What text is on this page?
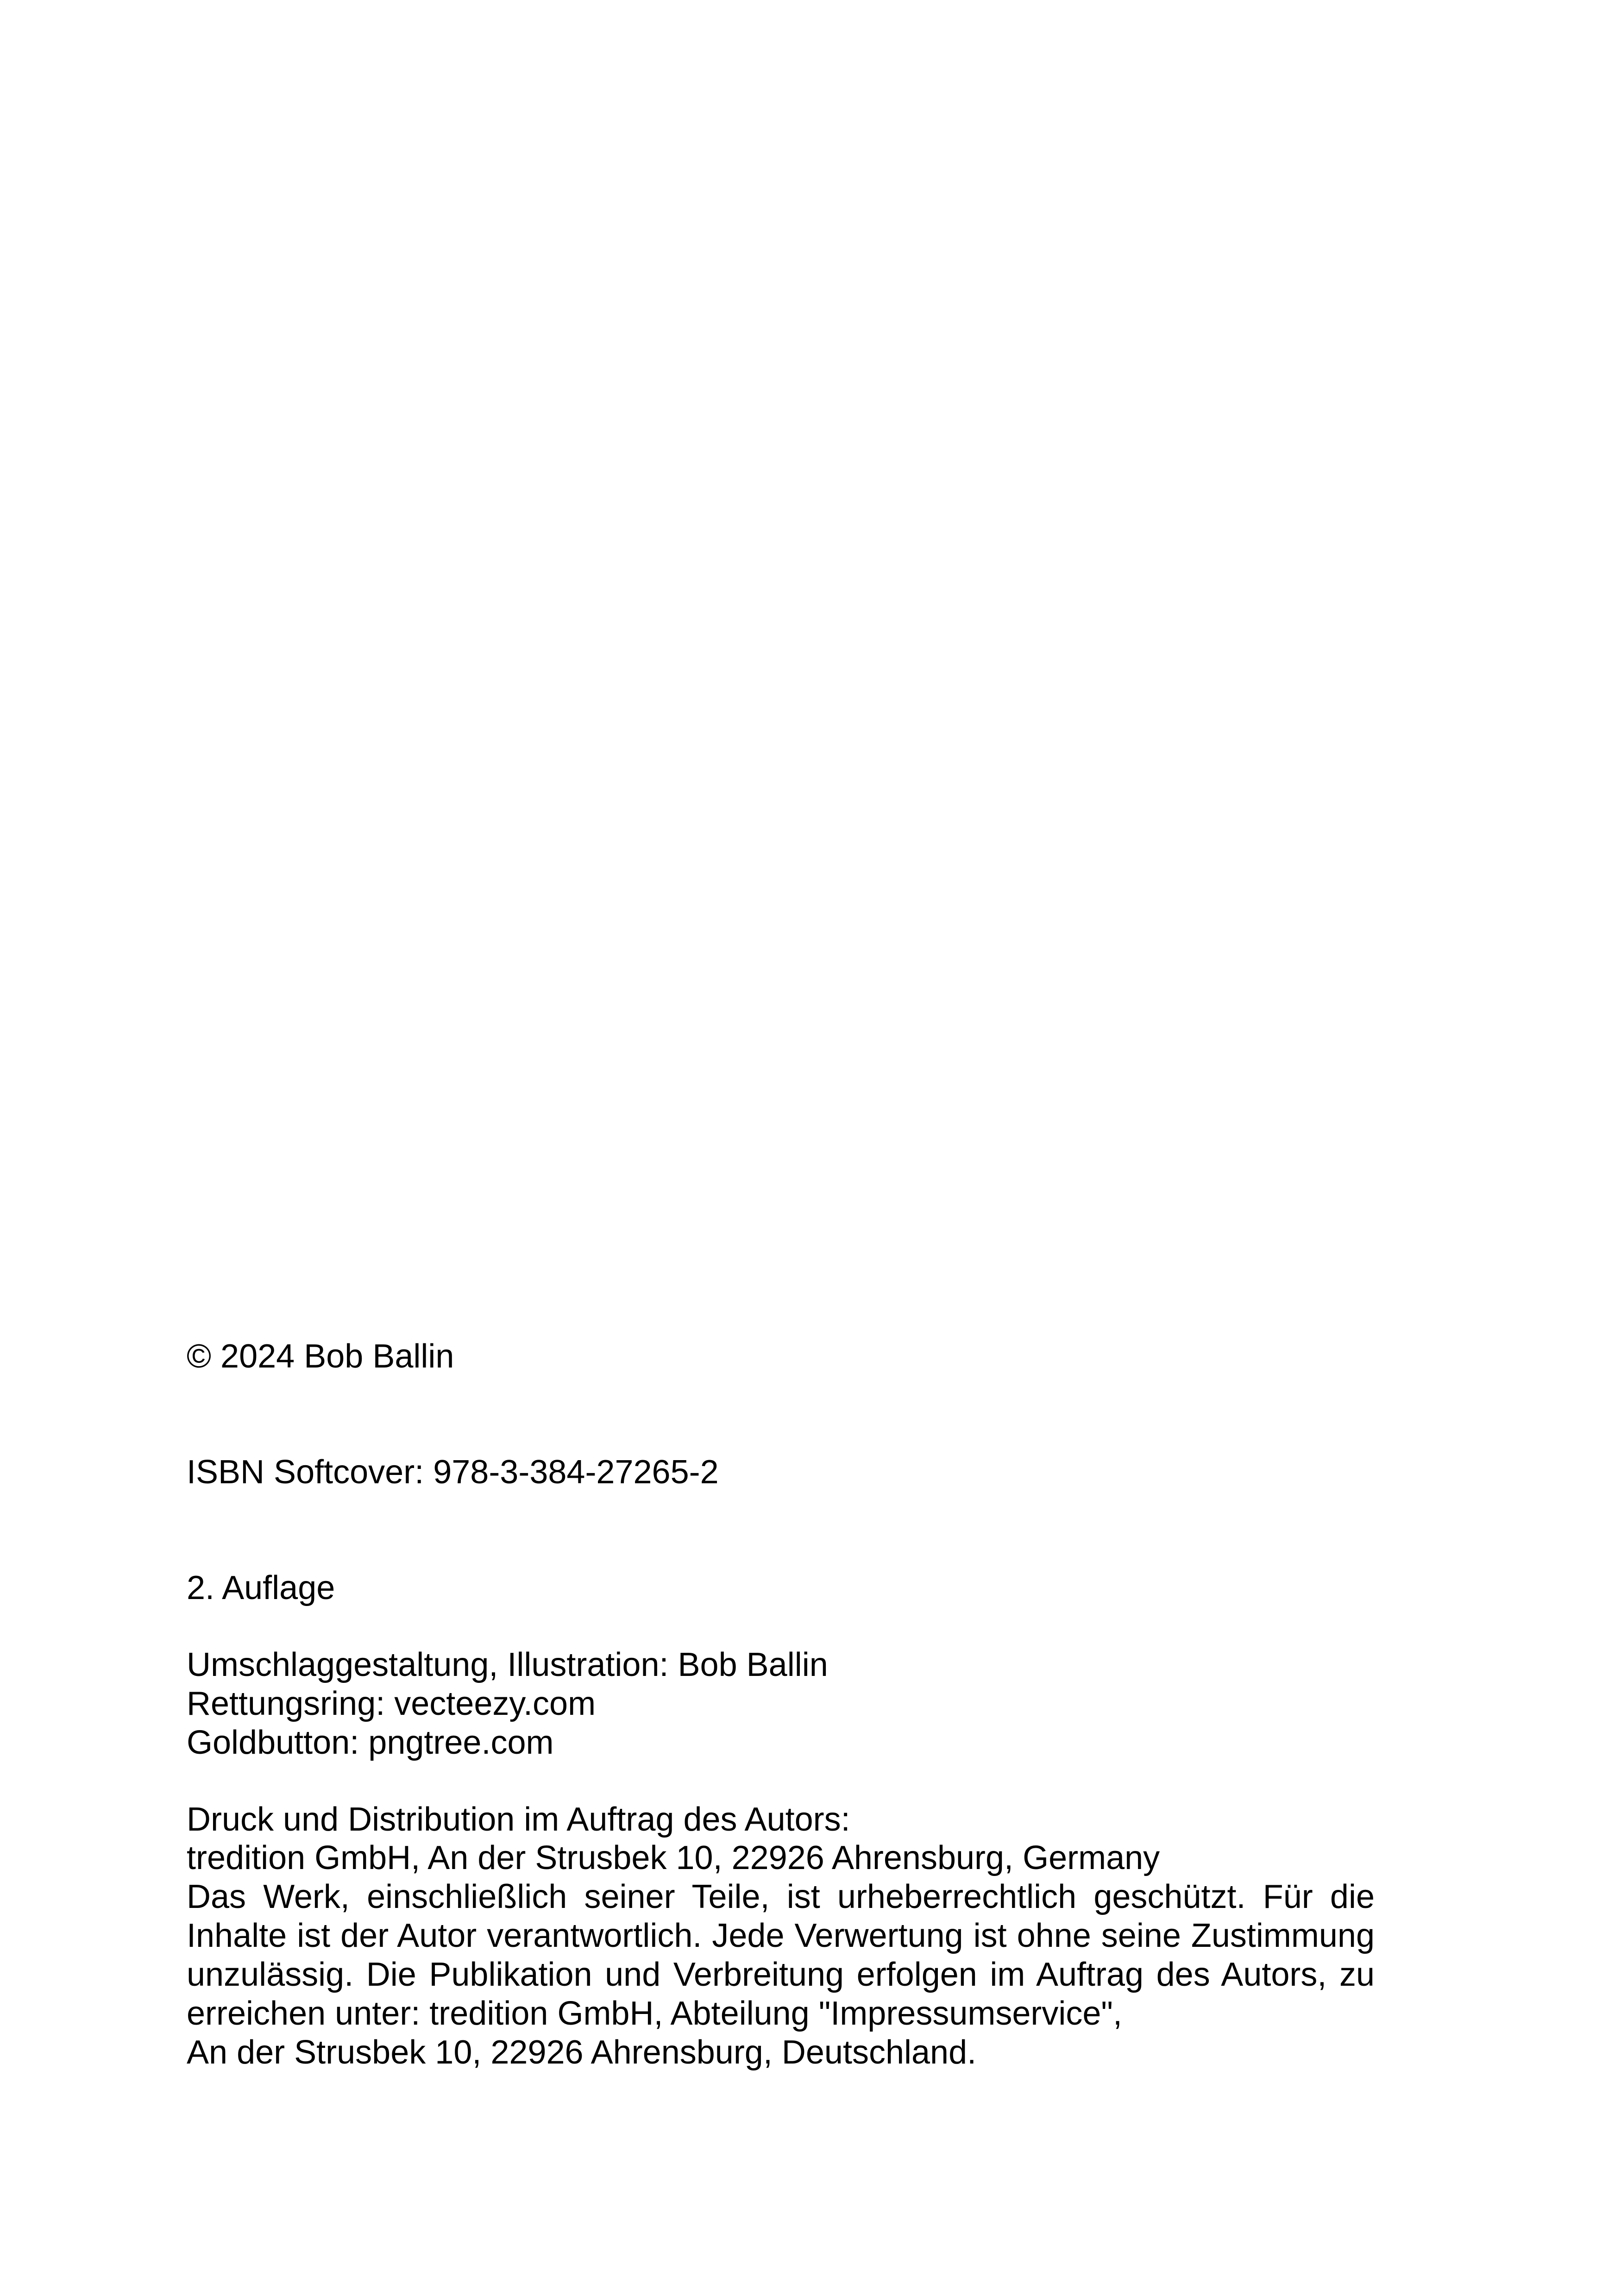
© 2024 Bob Ballin
ISBN Softcover: 978-3-384-27265-2
2. Auflage
Umschlaggestaltung, Illustration: Bob Ballin
Rettungsring: vecteezy.com
Goldbutton: pngtree.com
Druck und Distribution im Auftrag des Autors:
tredition GmbH, An der Strusbek 10, 22926 Ahrensburg, Germany
Das Werk, einschließlich seiner Teile, ist urheberrechtlich geschützt. Für die Inhalte ist der Autor verantwortlich. Jede Verwertung ist ohne seine Zustimmung unzulässig. Die Publikation und Verbreitung erfolgen im Auftrag des Autors, zu erreichen unter: tredition GmbH, Abteilung "Impressumservice",
An der Strusbek 10, 22926 Ahrensburg, Deutschland.
